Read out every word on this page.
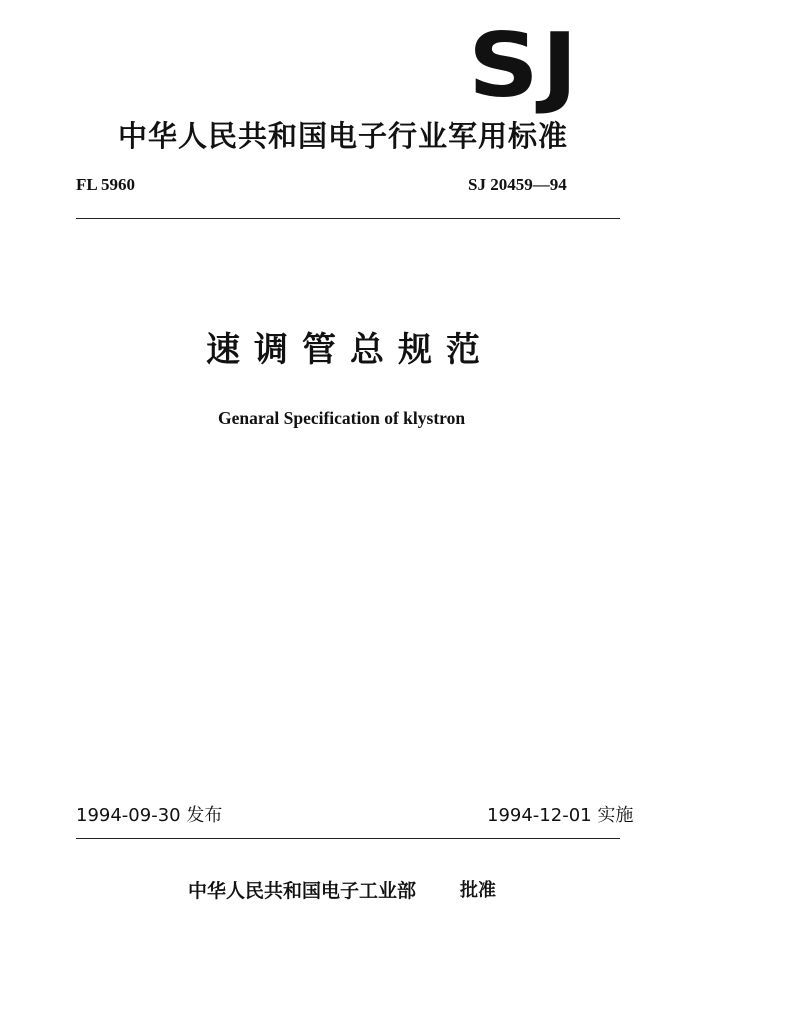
SJ
中华人民共和国电子行业军用标准
FL 5960	SJ 20459—94
速调管总规范
Genaral Specification of klystron
1994-09-30 发布	1994-12-01 实施
中华人民共和国电子工业部 批准
